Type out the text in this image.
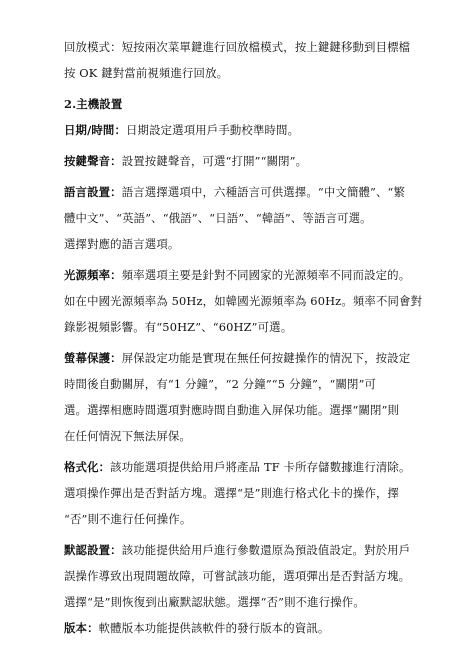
回放模式：短按兩次菜單鍵進行回放檔模式，按上鍵鍵移動到目標檔
按 OK 鍵對當前視頻進行回放。
2.主機設置
日期/時間：日期設定選項用戶手動校準時間。
按鍵聲音：設置按鍵聲音，可選“打開”“關閉”。
語言設置：語言選擇選項中，六種語言可供選擇。“中文簡體”、“繁
體中文”、“英語”、“俄語”、“日語”、“韓語”、等語言可選。
選擇對應的語言選項。
光源頻率：頻率選項主要是針對不同國家的光源頻率不同而設定的。
如在中國光源頻率為 50Hz，如韓國光源頻率為 60Hz。頻率不同會對
錄影視頻影響。有“50HZ”、“60HZ”可選。
螢幕保護：屏保設定功能是實現在無任何按鍵操作的情況下，按設定
時間後自動關屏，有“1 分鐘”，“2 分鐘”“5 分鐘”，“關閉”可
選。選擇相應時間選項對應時間自動進入屏保功能。選擇“關閉”則
在任何情況下無法屏保。
格式化：該功能選項提供給用戶將產品 TF 卡所存儲數據進行清除。
選項操作彈出是否對話方塊。選擇“是”則進行格式化卡的操作，擇
“否”則不進行任何操作。
默認設置：該功能提供給用戶進行參數還原為預設值設定。對於用戶
誤操作導致出現問題故障，可嘗試該功能，選項彈出是否對話方塊。
選擇“是”則恢復到出廠默認狀態。選擇“否”則不進行操作。
版本：軟體版本功能提供該軟件的發行版本的資訊。
